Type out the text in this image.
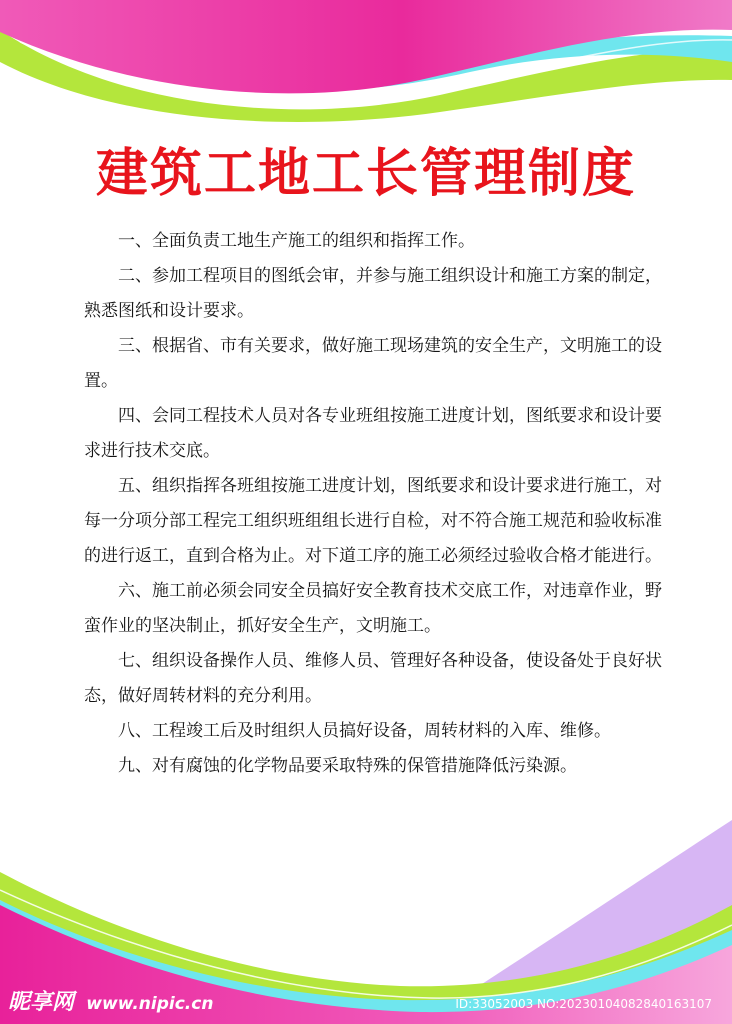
建筑工地工长管理制度
一、全面负责工地生产施工的组织和指挥工作。
二、参加工程项目的图纸会审，并参与施工组织设计和施工方案的制定，熟悉图纸和设计要求。
三、根据省、市有关要求，做好施工现场建筑的安全生产，文明施工的设置。
四、会同工程技术人员对各专业班组按施工进度计划，图纸要求和设计要求进行技术交底。
五、组织指挥各班组按施工进度计划，图纸要求和设计要求进行施工，对每一分项分部工程完工组织班组组长进行自检，对不符合施工规范和验收标准的进行返工，直到合格为止。对下道工序的施工必须经过验收合格才能进行。
六、施工前必须会同安全员搞好安全教育技术交底工作，对违章作业，野蛮作业的坚决制止，抓好安全生产，文明施工。
七、组织设备操作人员、维修人员、管理好各种设备，使设备处于良好状态，做好周转材料的充分利用。
八、工程竣工后及时组织人员搞好设备，周转材料的入库、维修。
九、对有腐蚀的化学物品要采取特殊的保管措施降低污染源。
昵享网 www.nipic.cn	ID:33052003 NO:20230104082840163107
